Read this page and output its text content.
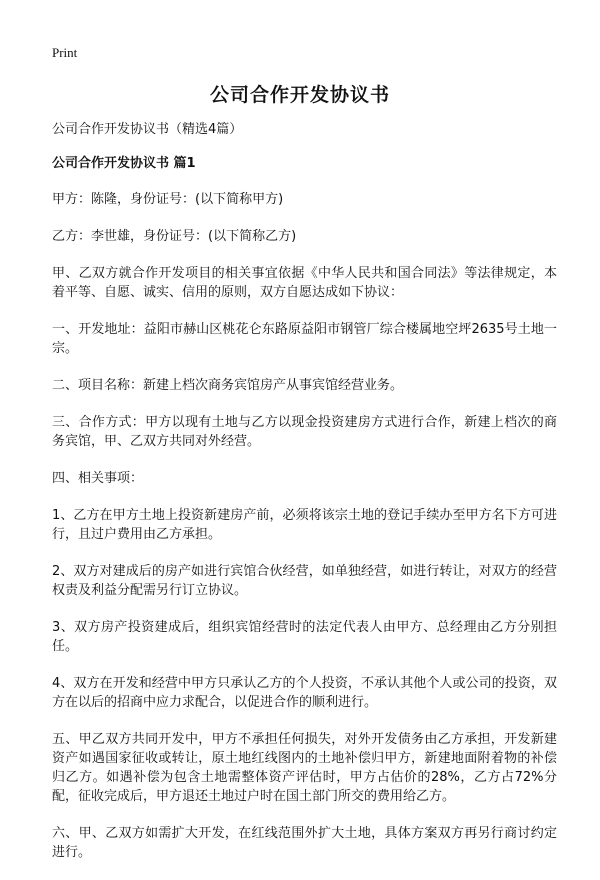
Print
公司合作开发协议书

公司合作开发协议书（精选4篇）

公司合作开发协议书 篇1

甲方：陈隆，身份证号：(以下简称甲方)

乙方：李世雄，身份证号：(以下简称乙方)

甲、乙双方就合作开发项目的相关事宜依据《中华人民共和国合同法》等法律规定，本着平等、自愿、诚实、信用的原则，双方自愿达成如下协议：

一、开发地址：益阳市赫山区桃花仑东路原益阳市钢管厂综合楼属地空坪2635号土地一宗。

二、项目名称：新建上档次商务宾馆房产从事宾馆经营业务。

三、合作方式：甲方以现有土地与乙方以现金投资建房方式进行合作，新建上档次的商务宾馆，甲、乙双方共同对外经营。

四、相关事项：

1、乙方在甲方土地上投资新建房产前，必须将该宗土地的登记手续办至甲方名下方可进行，且过户费用由乙方承担。

2、双方对建成后的房产如进行宾馆合伙经营，如单独经营，如进行转让，对双方的经营权责及利益分配需另行订立协议。

3、双方房产投资建成后，组织宾馆经营时的法定代表人由甲方、总经理由乙方分别担任。

4、双方在开发和经营中甲方只承认乙方的个人投资，不承认其他个人或公司的投资，双方在以后的招商中应力求配合，以促进合作的顺利进行。

五、甲乙双方共同开发中，甲方不承担任何损失，对外开发债务由乙方承担，开发新建资产如遇国家征收或转让，原土地红线图内的土地补偿归甲方，新建地面附着物的补偿归乙方。如遇补偿为包含土地需整体资产评估时，甲方占估价的28%，乙方占72%分配，征收完成后，甲方退还土地过户时在国土部门所交的费用给乙方。

六、甲、乙双方如需扩大开发，在红线范围外扩大土地，具体方案双方再另行商讨约定进行。
